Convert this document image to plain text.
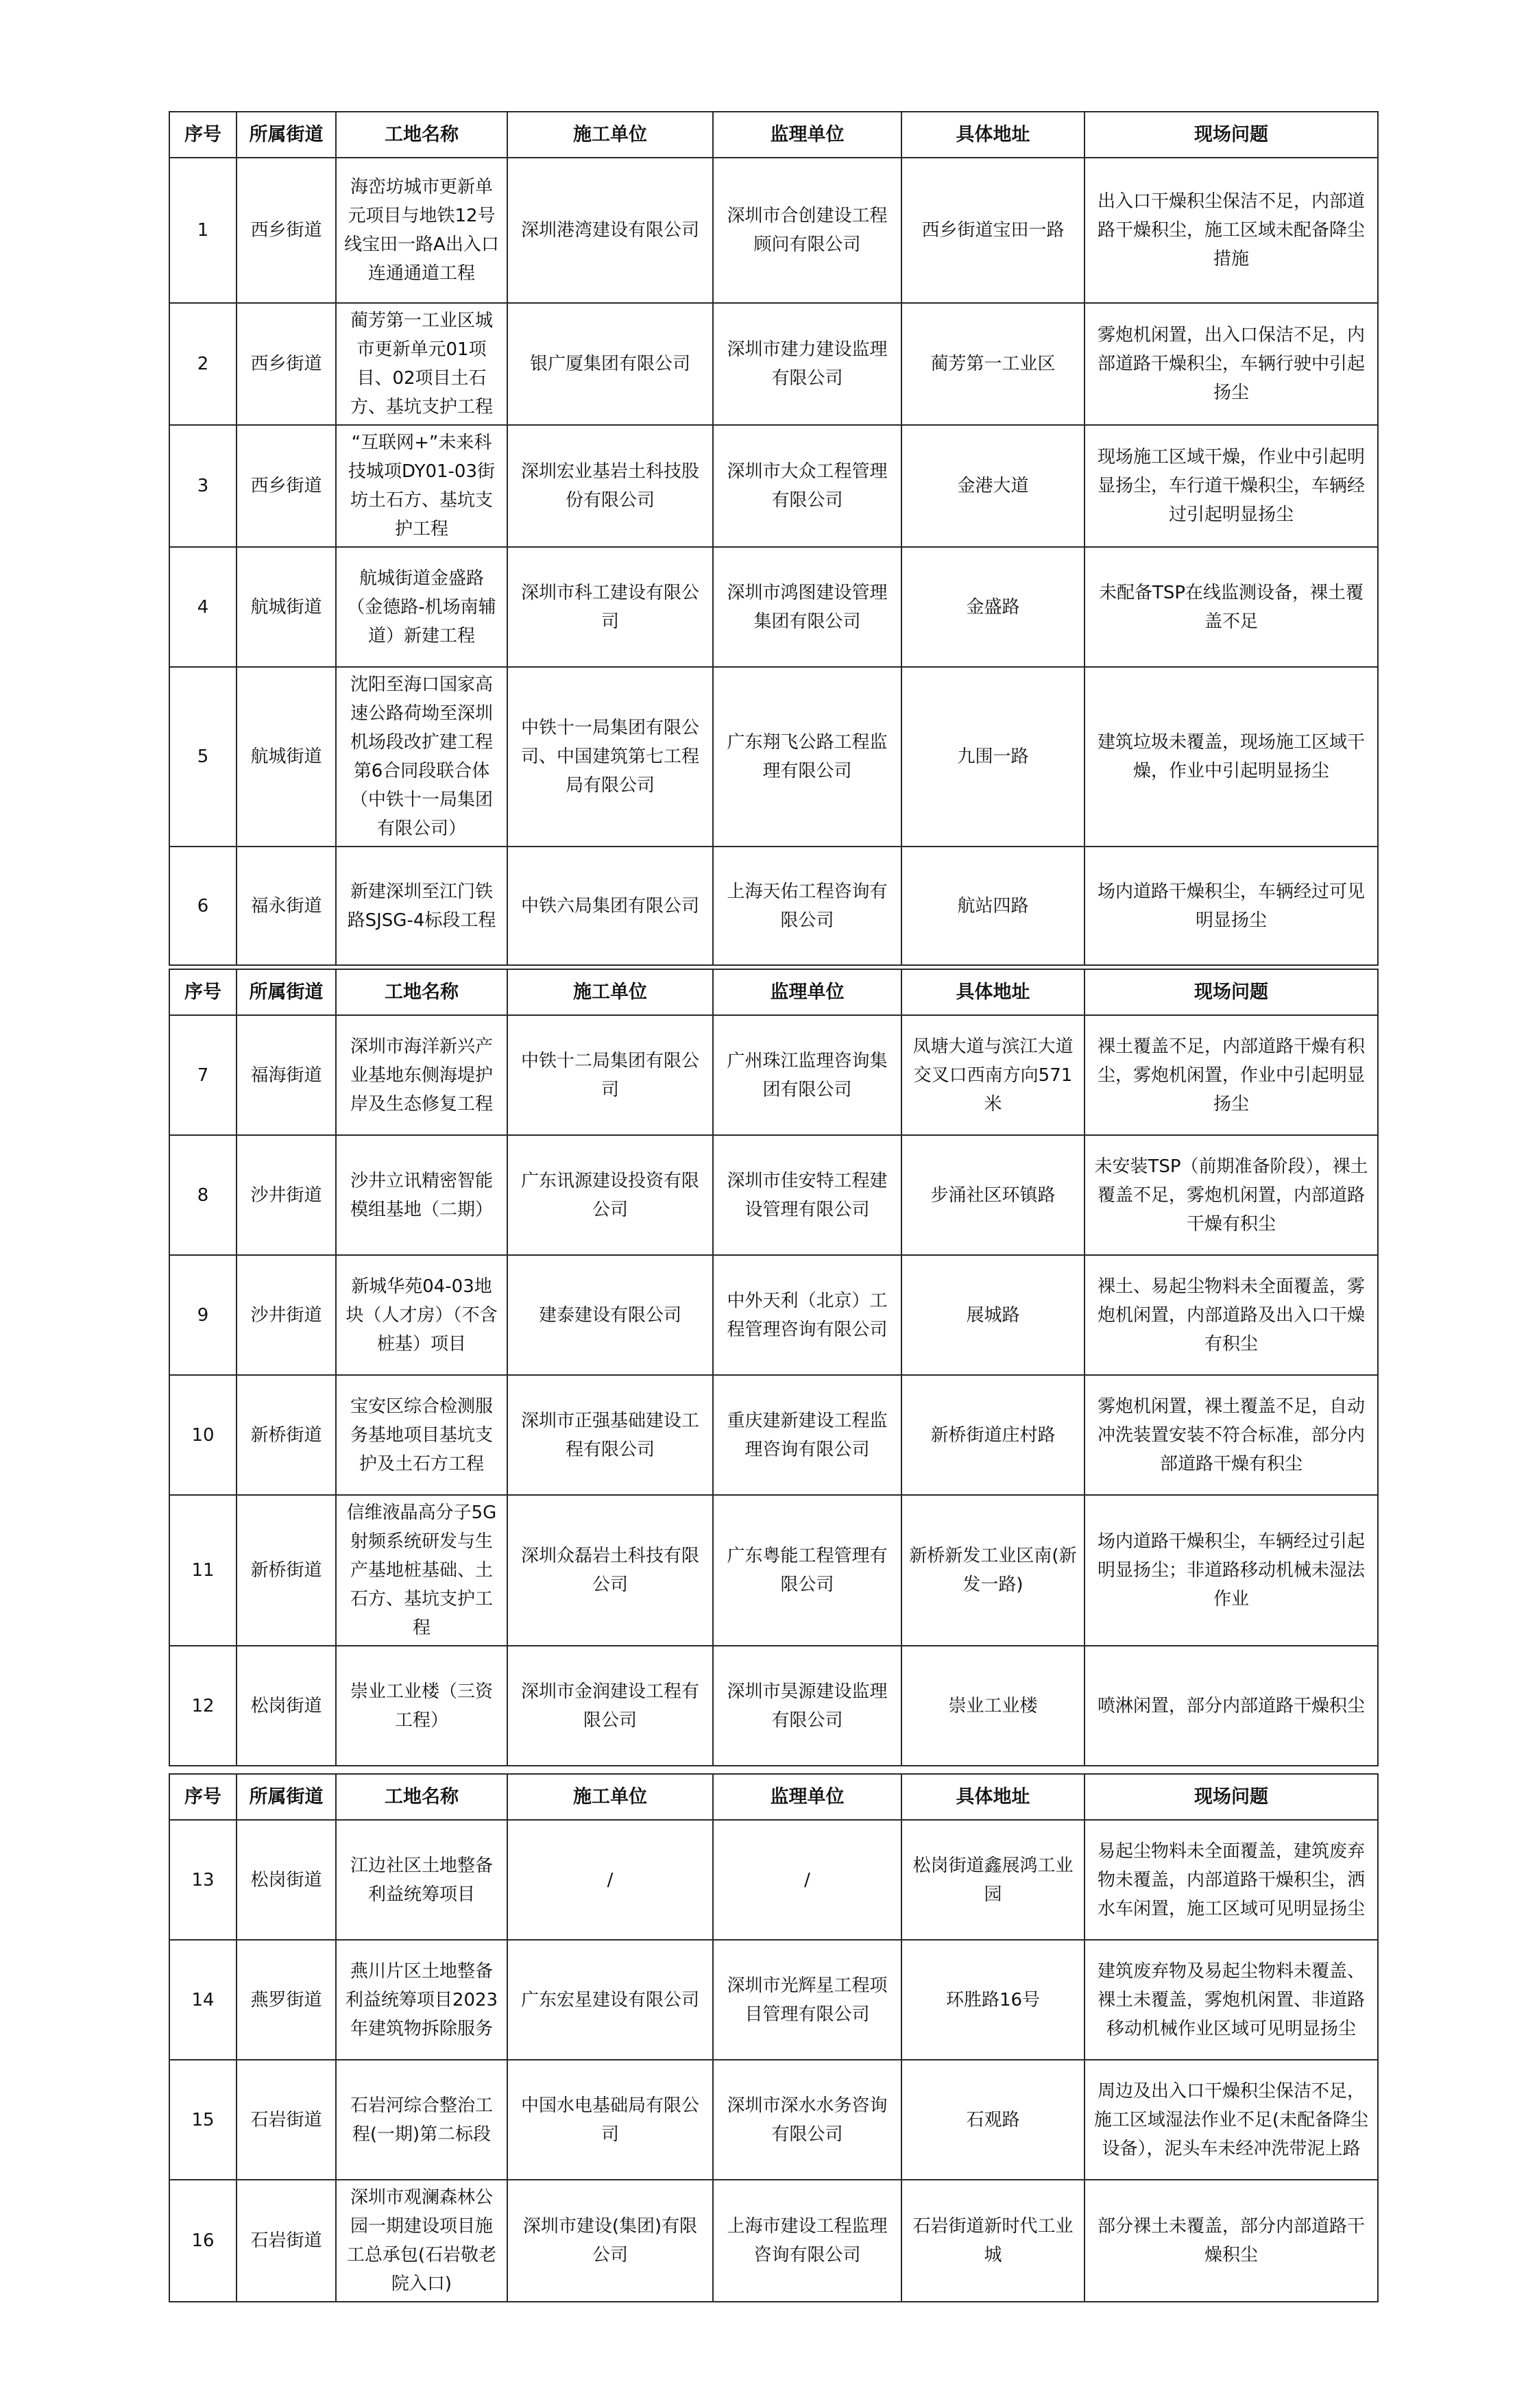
序号	所属街道	工地名称	施工单位	监理单位	具体地址	现场问题
1	西乡街道	海峦坊城市更新单元项目与地铁12号线宝田一路A出入口连通通道工程	深圳港湾建设有限公司	深圳市合创建设工程顾问有限公司	西乡街道宝田一路	出入口干燥积尘保洁不足，内部道路干燥积尘，施工区域未配备降尘措施
2	西乡街道	蔺芳第一工业区城市更新单元01项目、02项目土石方、基坑支护工程	银广厦集团有限公司	深圳市建力建设监理有限公司	蔺芳第一工业区	雾炮机闲置，出入口保洁不足，内部道路干燥积尘，车辆行驶中引起扬尘
3	西乡街道	“互联网+”未来科技城项DY01-03街坊土石方、基坑支护工程	深圳宏业基岩土科技股份有限公司	深圳市大众工程管理有限公司	金港大道	现场施工区域干燥，作业中引起明显扬尘，车行道干燥积尘，车辆经过引起明显扬尘
4	航城街道	航城街道金盛路（金德路-机场南辅道）新建工程	深圳市科工建设有限公司	深圳市鸿图建设管理集团有限公司	金盛路	未配备TSP在线监测设备，裸土覆盖不足
5	航城街道	沈阳至海口国家高速公路荷坳至深圳机场段改扩建工程第6合同段联合体（中铁十一局集团有限公司）	中铁十一局集团有限公司、中国建筑第七工程局有限公司	广东翔飞公路工程监理有限公司	九围一路	建筑垃圾未覆盖，现场施工区域干燥，作业中引起明显扬尘
6	福永街道	新建深圳至江门铁路SJSG-4标段工程	中铁六局集团有限公司	上海天佑工程咨询有限公司	航站四路	场内道路干燥积尘，车辆经过可见明显扬尘
序号	所属街道	工地名称	施工单位	监理单位	具体地址	现场问题
7	福海街道	深圳市海洋新兴产业基地东侧海堤护岸及生态修复工程	中铁十二局集团有限公司	广州珠江监理咨询集团有限公司	凤塘大道与滨江大道交叉口西南方向571米	裸土覆盖不足，内部道路干燥有积尘，雾炮机闲置，作业中引起明显扬尘
8	沙井街道	沙井立讯精密智能模组基地（二期）	广东讯源建设投资有限公司	深圳市佳安特工程建设管理有限公司	步涌社区环镇路	未安装TSP（前期准备阶段），裸土覆盖不足，雾炮机闲置，内部道路干燥有积尘
9	沙井街道	新城华苑04-03地块（人才房）（不含桩基）项目	建泰建设有限公司	中外天利（北京）工程管理咨询有限公司	展城路	裸土、易起尘物料未全面覆盖，雾炮机闲置，内部道路及出入口干燥有积尘
10	新桥街道	宝安区综合检测服务基地项目基坑支护及土石方工程	深圳市正强基础建设工程有限公司	重庆建新建设工程监理咨询有限公司	新桥街道庄村路	雾炮机闲置，裸土覆盖不足，自动冲洗装置安装不符合标准，部分内部道路干燥有积尘
11	新桥街道	信维液晶高分子5G射频系统研发与生产基地桩基础、土石方、基坑支护工程	深圳众磊岩土科技有限公司	广东粤能工程管理有限公司	新桥新发工业区南(新发一路)	场内道路干燥积尘，车辆经过引起明显扬尘；非道路移动机械未湿法作业
12	松岗街道	崇业工业楼（三资工程）	深圳市金润建设工程有限公司	深圳市昊源建设监理有限公司	崇业工业楼	喷淋闲置，部分内部道路干燥积尘
序号	所属街道	工地名称	施工单位	监理单位	具体地址	现场问题
13	松岗街道	江边社区土地整备利益统筹项目	/	/	松岗街道鑫展鸿工业园	易起尘物料未全面覆盖，建筑废弃物未覆盖，内部道路干燥积尘，洒水车闲置，施工区域可见明显扬尘
14	燕罗街道	燕川片区土地整备利益统筹项目2023年建筑物拆除服务	广东宏星建设有限公司	深圳市光辉星工程项目管理有限公司	环胜路16号	建筑废弃物及易起尘物料未覆盖、裸土未覆盖，雾炮机闲置、非道路移动机械作业区域可见明显扬尘
15	石岩街道	石岩河综合整治工程(一期)第二标段	中国水电基础局有限公司	深圳市深水水务咨询有限公司	石观路	周边及出入口干燥积尘保洁不足，施工区域湿法作业不足(未配备降尘设备），泥头车未经冲洗带泥上路
16	石岩街道	深圳市观澜森林公园一期建设项目施工总承包(石岩敬老院入口)	深圳市建设(集团)有限公司	上海市建设工程监理咨询有限公司	石岩街道新时代工业城	部分裸土未覆盖，部分内部道路干燥积尘
